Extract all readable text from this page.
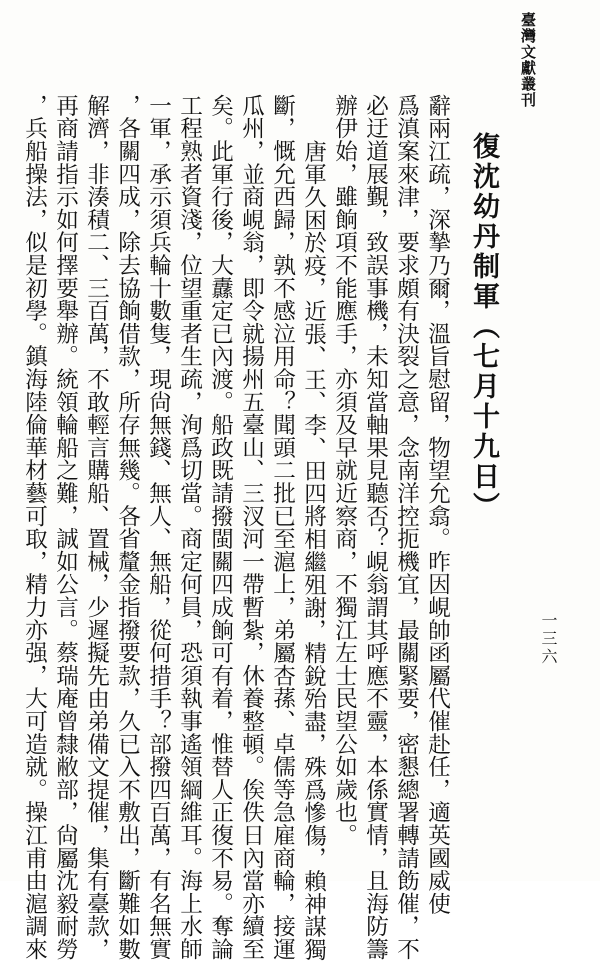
臺灣文獻叢刊
一三六
復沈幼丹制軍（七月十九日）
辭兩江疏，深摯乃爾，溫旨慰留，物望允翕。昨因峴帥函屬代催赴任，適英國威使
爲滇案來津，要求頗有決裂之意，念南洋控扼機宜，最關緊要，密懇總署轉請飭催，不
必迂道展覲，致誤事機，未知當軸果見聽否？峴翁謂其呼應不靈，本係實情，且海防籌
辦伊始，雖餉項不能應手，亦須及早就近察商，不獨江左士民望公如歲也。
唐軍久困於疫，近張、王、李、田四將相繼殂謝，精銳殆盡，殊爲慘傷，賴神謀獨
斷，慨允西歸，孰不感泣用命？聞頭二批已至滬上，弟屬杏蓀、卓儒等急雇商輪，接運
瓜州，並商峴翁，即令就揚州五臺山、三汊河一帶暫紮，休養整頓。俟佚日內當亦續至
矣。此軍行後，大纛定已內渡。船政既請撥閩關四成餉可有着，惟替人正復不易。奪論
工程熟者資淺，位望重者生疏，洵爲切當。商定何員，恐須執事遙領綱維耳。海上水師
一軍，承示須兵輪十數隻，現尙無錢、無人、無船，從何措手？部撥四百萬，有名無實
，各關四成，除去協餉借款，所存無幾。各省釐金指撥要款，久已入不敷出，斷難如數
解濟，非湊積二、三百萬，不敢輕言購船、置械，少遲擬先由弟備文提催，集有臺款，
再商請指示如何擇要舉辦。統領輪船之難，誠如公言。蔡瑞庵曾隸敝部，尙屬沈毅耐勞
，兵船操法，似是初學。鎮海陸倫華材藝可取，精力亦强，大可造就。操江甫由滬調來
